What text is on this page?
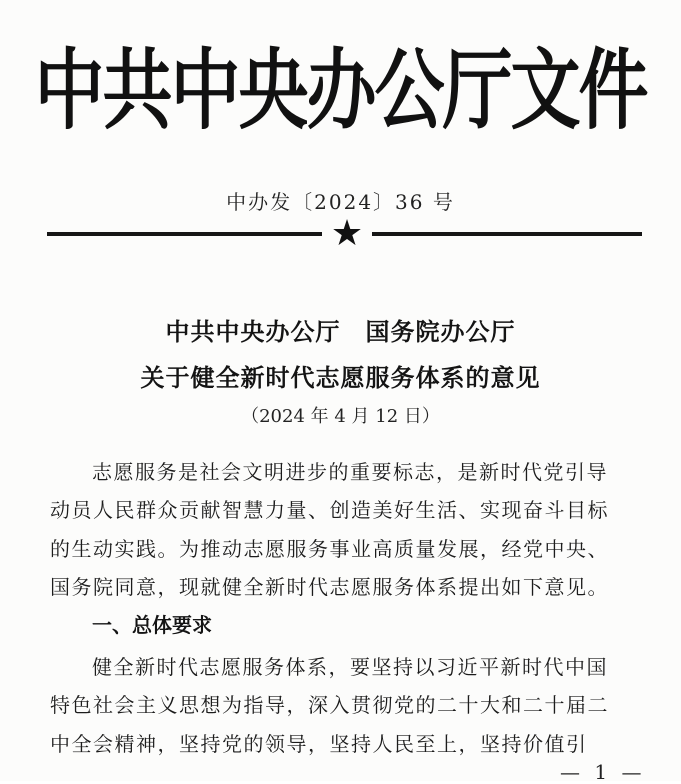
中共中央办公厅文件
中办发〔2024〕36 号
★
中共中央办公厅　国务院办公厅
关于健全新时代志愿服务体系的意见
（2024 年 4 月 12 日）
志愿服务是社会文明进步的重要标志，是新时代党引导
动员人民群众贡献智慧力量、创造美好生活、实现奋斗目标
的生动实践。为推动志愿服务事业高质量发展，经党中央、
国务院同意，现就健全新时代志愿服务体系提出如下意见。
一、总体要求
健全新时代志愿服务体系，要坚持以习近平新时代中国
特色社会主义思想为指导，深入贯彻党的二十大和二十届二
中全会精神，坚持党的领导，坚持人民至上，坚持价值引
— 1 —
